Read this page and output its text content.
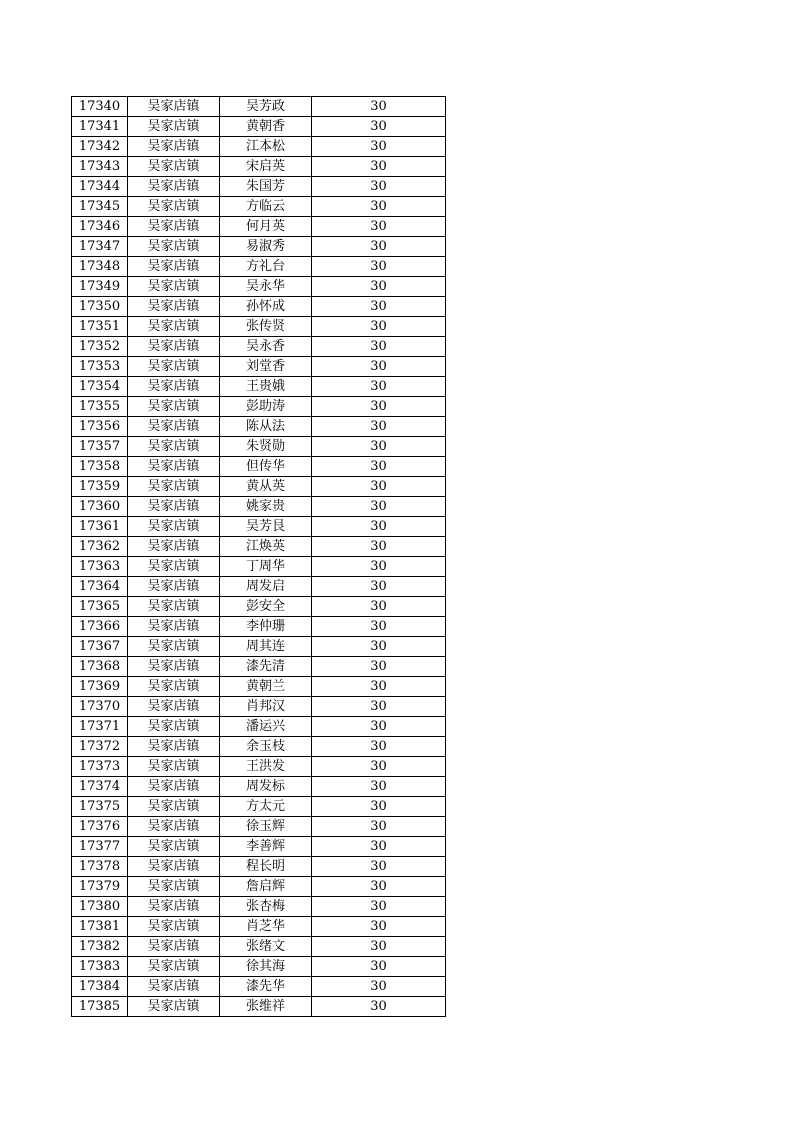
17340	吴家店镇	吴芳政	30
17341	吴家店镇	黄朝香	30
17342	吴家店镇	江本松	30
17343	吴家店镇	宋启英	30
17344	吴家店镇	朱国芳	30
17345	吴家店镇	方临云	30
17346	吴家店镇	何月英	30
17347	吴家店镇	易淑秀	30
17348	吴家店镇	方礼台	30
17349	吴家店镇	吴永华	30
17350	吴家店镇	孙怀成	30
17351	吴家店镇	张传贤	30
17352	吴家店镇	吴永香	30
17353	吴家店镇	刘堂香	30
17354	吴家店镇	王贵娥	30
17355	吴家店镇	彭助涛	30
17356	吴家店镇	陈从法	30
17357	吴家店镇	朱贤勋	30
17358	吴家店镇	但传华	30
17359	吴家店镇	黄从英	30
17360	吴家店镇	姚家贵	30
17361	吴家店镇	吴芳艮	30
17362	吴家店镇	江焕英	30
17363	吴家店镇	丁周华	30
17364	吴家店镇	周发启	30
17365	吴家店镇	彭安全	30
17366	吴家店镇	李仲珊	30
17367	吴家店镇	周其连	30
17368	吴家店镇	漆先清	30
17369	吴家店镇	黄朝兰	30
17370	吴家店镇	肖邦汉	30
17371	吴家店镇	潘运兴	30
17372	吴家店镇	余玉枝	30
17373	吴家店镇	王洪发	30
17374	吴家店镇	周发标	30
17375	吴家店镇	方太元	30
17376	吴家店镇	徐玉辉	30
17377	吴家店镇	李善辉	30
17378	吴家店镇	程长明	30
17379	吴家店镇	詹启辉	30
17380	吴家店镇	张杏梅	30
17381	吴家店镇	肖芝华	30
17382	吴家店镇	张绪文	30
17383	吴家店镇	徐其海	30
17384	吴家店镇	漆先华	30
17385	吴家店镇	张维祥	30
